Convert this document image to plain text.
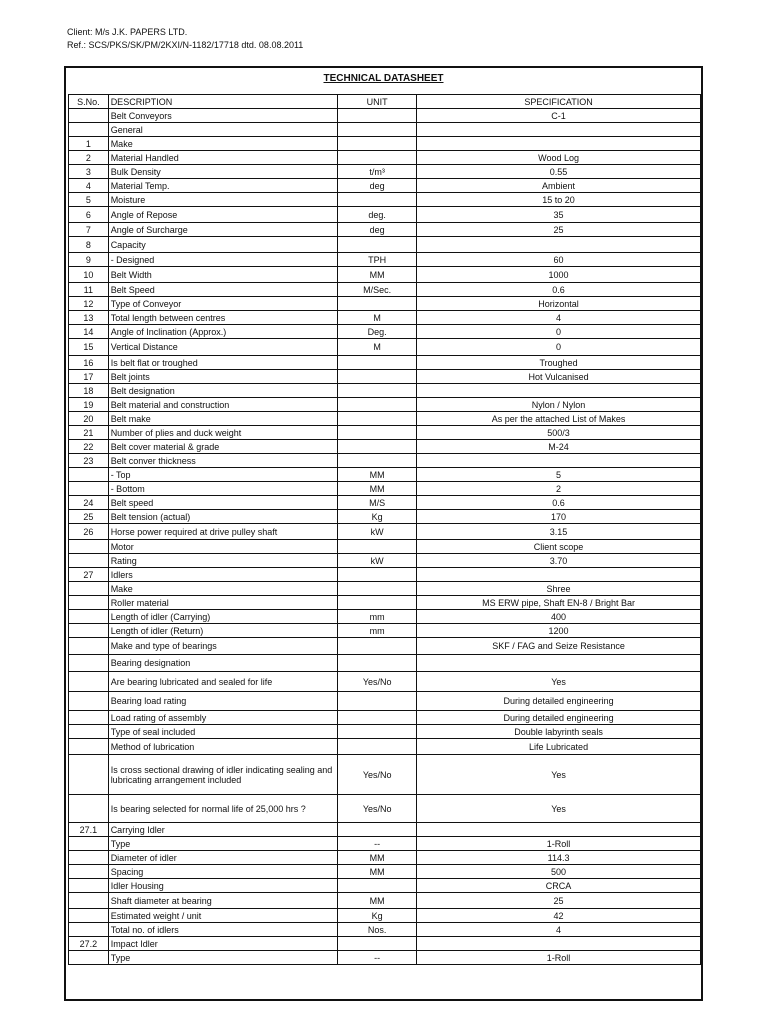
Client: M/s J.K. PAPERS LTD.
Ref.: SCS/PKS/SK/PM/2KXI/N-1182/17718 dtd. 08.08.2011
TECHNICAL DATASHEET
S.No.	DESCRIPTION	UNIT	SPECIFICATION
	Belt Conveyors		C-1
	General		
1	Make		
2	Material Handled		Wood Log
3	Bulk Density	t/m³	0.55
4	Material Temp.	deg	Ambient
5	Moisture		15 to 20
6	Angle of Repose	deg.	35
7	Angle of Surcharge	deg	25
8	Capacity		
9	- Designed	TPH	60
10	Belt Width	MM	1000
11	Belt Speed	M/Sec.	0.6
12	Type of Conveyor		Horizontal
13	Total length between centres	M	4
14	Angle of Inclination (Approx.)	Deg.	0
15	Vertical Distance	M	0
16	Is belt flat or troughed		Troughed
17	Belt joints		Hot Vulcanised
18	Belt designation		
19	Belt material and construction		Nylon / Nylon
20	Belt make		As per the attached List of Makes
21	Number of plies and duck weight		500/3
22	Belt cover material & grade		M-24
23	Belt conver thickness		
	- Top	MM	5
	- Bottom	MM	2
24	Belt speed	M/S	0.6
25	Belt tension (actual)	Kg	170
26	Horse power required at drive pulley shaft	kW	3.15
	Motor		Client scope
	Rating	kW	3.70
27	Idlers		
	Make		Shree
	Roller material		MS ERW pipe, Shaft EN-8 / Bright Bar
	Length of idler (Carrying)	mm	400
	Length of idler (Return)	mm	1200
	Make and type of bearings		SKF / FAG and Seize Resistance
	Bearing designation		
	Are bearing lubricated and sealed for life	Yes/No	Yes
	Bearing load rating		During detailed engineering
	Load rating of assembly		During detailed engineering
	Type of seal included		Double labyrinth seals
	Method of lubrication		Life Lubricated
	Is cross sectional drawing of idler indicating sealing and lubricating arrangement included	Yes/No	Yes
	Is bearing selected for normal life of 25,000 hrs ?	Yes/No	Yes
27.1	Carrying Idler		
	Type	--	1-Roll
	Diameter of idler	MM	114.3
	Spacing	MM	500
	Idler Housing		CRCA
	Shaft diameter at bearing	MM	25
	Estimated weight / unit	Kg	42
	Total no. of idlers	Nos.	4
27.2	Impact Idler		
	Type	--	1-Roll
